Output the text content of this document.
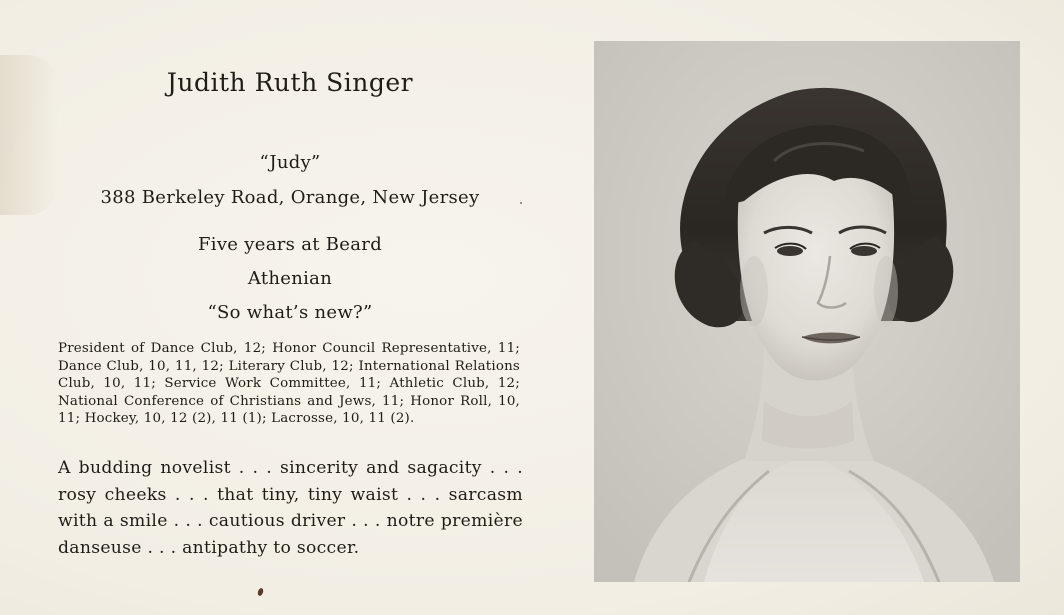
Judith Ruth Singer
“Judy”
388 Berkeley Road, Orange, New Jersey
Five years at Beard
Athenian
“So what’s new?”
President of Dance Club, 12; Honor Council Representative, 11; Dance Club, 10, 11, 12; Literary Club, 12; International Relations Club, 10, 11; Service Work Committee, 11; Athletic Club, 12; National Conference of Christians and Jews, 11; Honor Roll, 10, 11; Hockey, 10, 12 (2), 11 (1); Lacrosse, 10, 11 (2).
A budding novelist . . . sincerity and sagacity . . . rosy cheeks . . . that tiny, tiny waist . . . sarcasm with a smile . . . cautious driver . . . notre première danseuse . . . antipathy to soccer.
